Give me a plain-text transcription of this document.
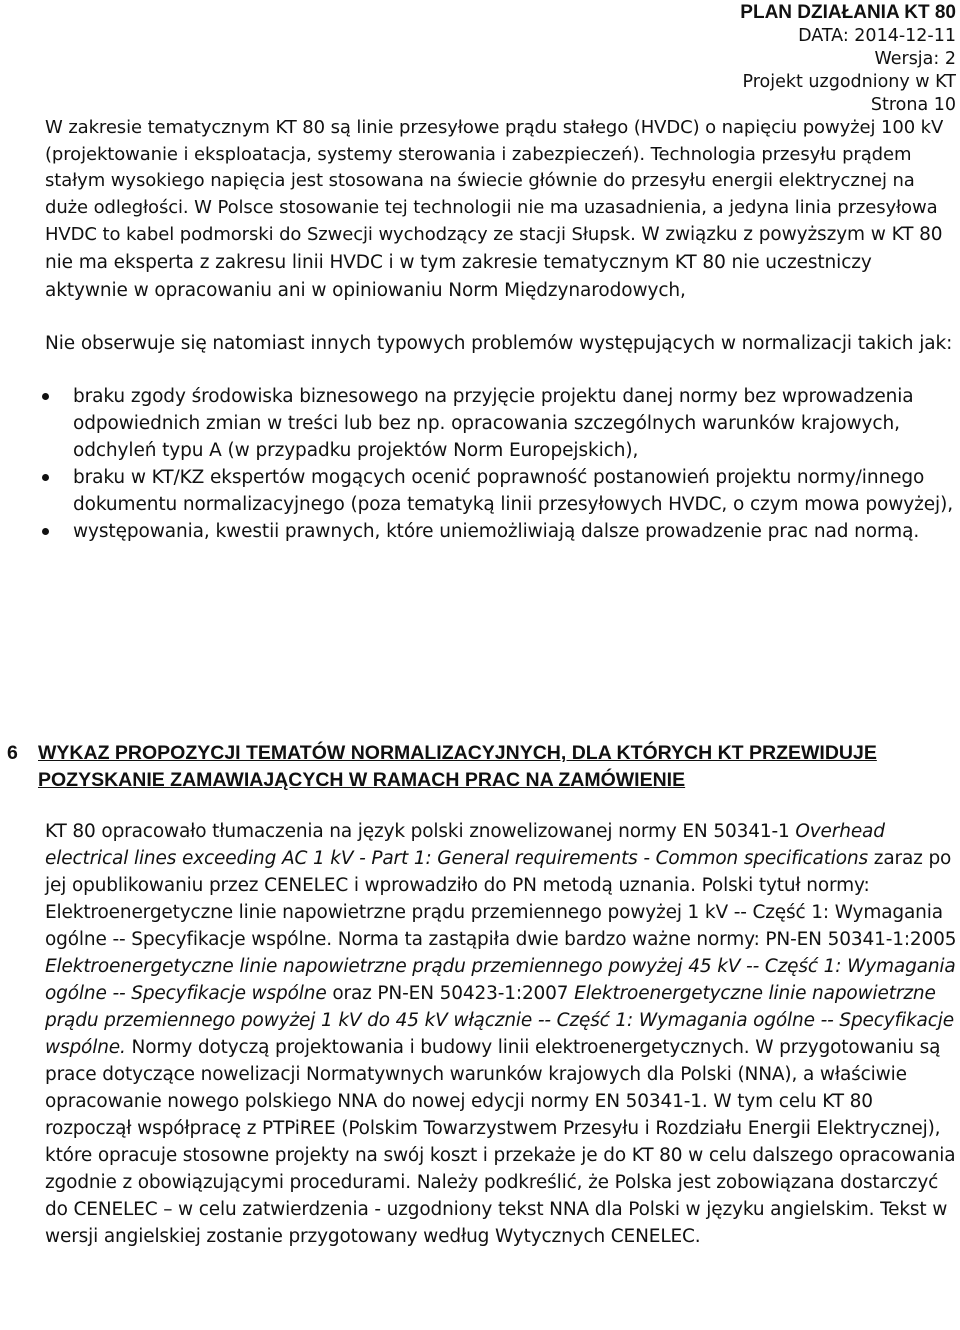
PLAN DZIAŁANIA KT 80
DATA: 2014-12-11
Wersja: 2
Projekt uzgodniony w KT
Strona 10

W zakresie tematycznym KT 80 są linie przesyłowe prądu stałego (HVDC) o napięciu powyżej 100 kV (projektowanie i eksploatacja, systemy sterowania i zabezpieczeń). Technologia przesyłu prądem stałym wysokiego napięcia jest stosowana na świecie głównie do przesyłu energii elektrycznej na duże odległości. W Polsce stosowanie tej technologii nie ma uzasadnienia, a jedyna linia przesyłowa HVDC to kabel podmorski do Szwecji wychodzący ze stacji Słupsk. W związku z powyższym w KT 80 nie ma eksperta z zakresu linii HVDC i w tym zakresie tematycznym KT 80 nie uczestniczy aktywnie w opracowaniu ani w opiniowaniu Norm Międzynarodowych,

Nie obserwuje się natomiast innych typowych problemów występujących w normalizacji takich jak:

braku zgody środowiska biznesowego na przyjęcie projektu danej normy bez wprowadzenia odpowiednich zmian w treści lub bez np. opracowania szczególnych warunków krajowych, odchyleń typu A (w przypadku projektów Norm Europejskich),
braku w KT/KZ ekspertów mogących ocenić poprawność postanowień projektu normy/innego dokumentu normalizacyjnego (poza tematyką linii przesyłowych HVDC, o czym mowa powyżej),
występowania, kwestii prawnych, które uniemożliwiają dalsze prowadzenie prac nad normą.
6 WYKAZ PROPOZYCJI TEMATÓW NORMALIZACYJNYCH, DLA KTÓRYCH KT PRZEWIDUJE POZYSKANIE ZAMAWIAJĄCYCH W RAMACH PRAC NA ZAMÓWIENIE
KT 80 opracowało tłumaczenia na język polski znowelizowanej normy EN 50341-1 Overhead electrical lines exceeding AC 1 kV - Part 1: General requirements - Common specifications zaraz po jej opublikowaniu przez CENELEC i wprowadziło do PN metodą uznania. Polski tytuł normy: Elektroenergetyczne linie napowietrzne prądu przemiennego powyżej 1 kV -- Część 1: Wymagania ogólne -- Specyfikacje wspólne. Norma ta zastąpiła dwie bardzo ważne normy: PN-EN 50341-1:2005 Elektroenergetyczne linie napowietrzne prądu przemiennego powyżej 45 kV -- Część 1: Wymagania ogólne -- Specyfikacje wspólne oraz PN-EN 50423-1:2007 Elektroenergetyczne linie napowietrzne prądu przemiennego powyżej 1 kV do 45 kV włącznie -- Część 1: Wymagania ogólne -- Specyfikacje wspólne. Normy dotyczą projektowania i budowy linii elektroenergetycznych. W przygotowaniu są prace dotyczące nowelizacji Normatywnych warunków krajowych dla Polski (NNA), a właściwie opracowanie nowego polskiego NNA do nowej edycji normy EN 50341-1. W tym celu KT 80 rozpoczął współpracę z PTPiREE (Polskim Towarzystwem Przesyłu i Rozdziału Energii Elektrycznej), które opracuje stosowne projekty na swój koszt i przekaże je do KT 80 w celu dalszego opracowania zgodnie z obowiązującymi procedurami. Należy podkreślić, że Polska jest zobowiązana dostarczyć do CENELEC – w celu zatwierdzenia - uzgodniony tekst NNA dla Polski w języku angielskim. Tekst w wersji angielskiej zostanie przygotowany według Wytycznych CENELEC.
